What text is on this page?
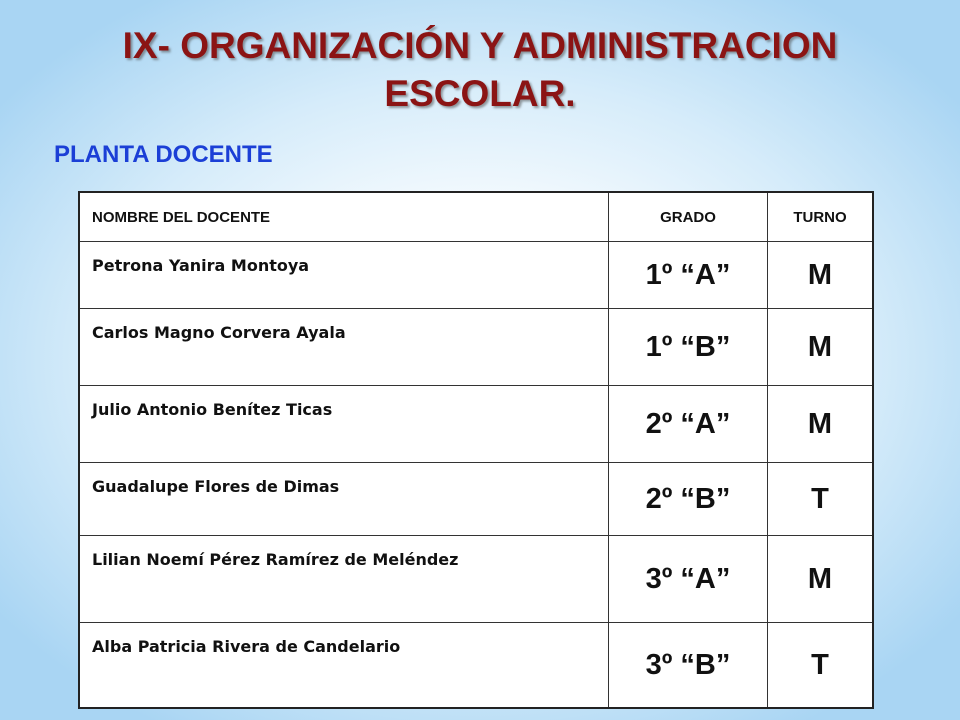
IX- ORGANIZACIÓN Y ADMINISTRACION
ESCOLAR.
PLANTA DOCENTE
NOMBRE DEL DOCENTE	GRADO	TURNO
Petrona Yanira Montoya	1º “A”	M
Carlos Magno Corvera Ayala	1º “B”	M
Julio Antonio Benítez Ticas	2º “A”	M
Guadalupe Flores de Dimas	2º “B”	T
Lilian Noemí Pérez Ramírez de Meléndez	3º “A”	M
Alba Patricia Rivera de Candelario	3º “B”	T
